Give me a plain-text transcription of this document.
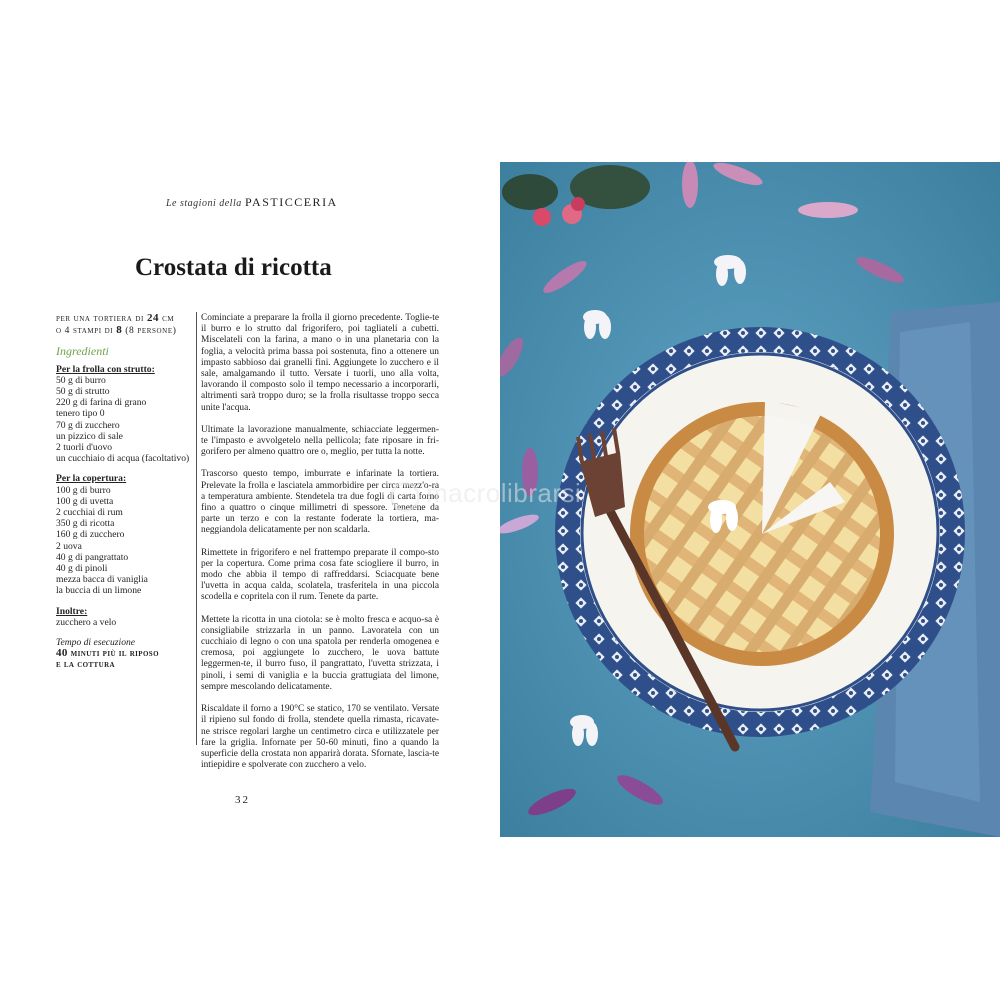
Le stagioni della PASTICCERIA
Crostata di ricotta
per una tortiera di 24 cm
o 4 stampi di 8 (8 persone)
Ingredienti
Per la frolla con strutto:
50 g di burro
50 g di strutto
220 g di farina di grano
tenero tipo 0
70 g di zucchero
un pizzico di sale
2 tuorli d'uovo
un cucchiaio di acqua (facoltativo)
Per la copertura:
100 g di burro
100 g di uvetta
2 cucchiai di rum
350 g di ricotta
160 g di zucchero
2 uova
40 g di pangrattato
40 g di pinoli
mezza bacca di vaniglia
la buccia di un limone
Inoltre:
zucchero a velo
Tempo di esecuzione
40 minuti più il riposo
e la cottura

Cominciate a preparare la frolla il giorno precedente. Toglie-te il burro e lo strutto dal frigorifero, poi tagliateli a cubetti. Miscelateli con la farina, a mano o in una planetaria con la foglia, a velocità prima bassa poi sostenuta, fino a ottenere un impasto sabbioso dai granelli fini. Aggiungete lo zucchero e il sale, amalgamando il tutto. Versate i tuorli, uno alla volta, lavorando il composto solo il tempo necessario a incorporarli, altrimenti sarà troppo duro; se la frolla risultasse troppo secca unite l'acqua.

Ultimate la lavorazione manualmente, schiacciate leggermen-te l'impasto e avvolgetelo nella pellicola; fate riposare in fri-gorifero per almeno quattro ore o, meglio, per tutta la notte.

Trascorso questo tempo, imburrate e infarinate la tortiera. Prelevate la frolla e lasciatela ammorbidire per circa mezz'o-ra a temperatura ambiente. Stendetela tra due fogli di carta forno fino a quattro o cinque millimetri di spessore. Tenetene da parte un terzo e con la restante foderate la tortiera, ma-neggiandola delicatamente per non scaldarla.

Rimettete in frigorifero e nel frattempo preparate il compo-sto per la copertura. Come prima cosa fate sciogliere il burro, in modo che abbia il tempo di raffreddarsi. Sciacquate bene l'uvetta in acqua calda, scolatela, trasferitela in una piccola scodella e copritela con il rum. Tenete da parte.

Mettete la ricotta in una ciotola: se è molto fresca e acquo-sa è consigliabile strizzarla in un panno. Lavoratela con un cucchiaio di legno o con una spatola per renderla omogenea e cremosa, poi aggiungete lo zucchero, le uova battute leggermen-te, il burro fuso, il pangrattato, l'uvetta strizzata, i pinoli, i semi di vaniglia e la buccia grattugiata del limone, sempre mescolando delicatamente.

Riscaldate il forno a 190°C se statico, 170 se ventilato. Versate il ripieno sul fondo di frolla, stendete quella rimasta, ricavate-ne strisce regolari larghe un centimetro circa e utilizzatele per fare la griglia. Infornate per 50-60 minuti, fino a quando la superficie della crostata non apparirà dorata. Sfornate, lascia-te intiepidire e spolverate con zucchero a velo.

32
macrolibrarsi
